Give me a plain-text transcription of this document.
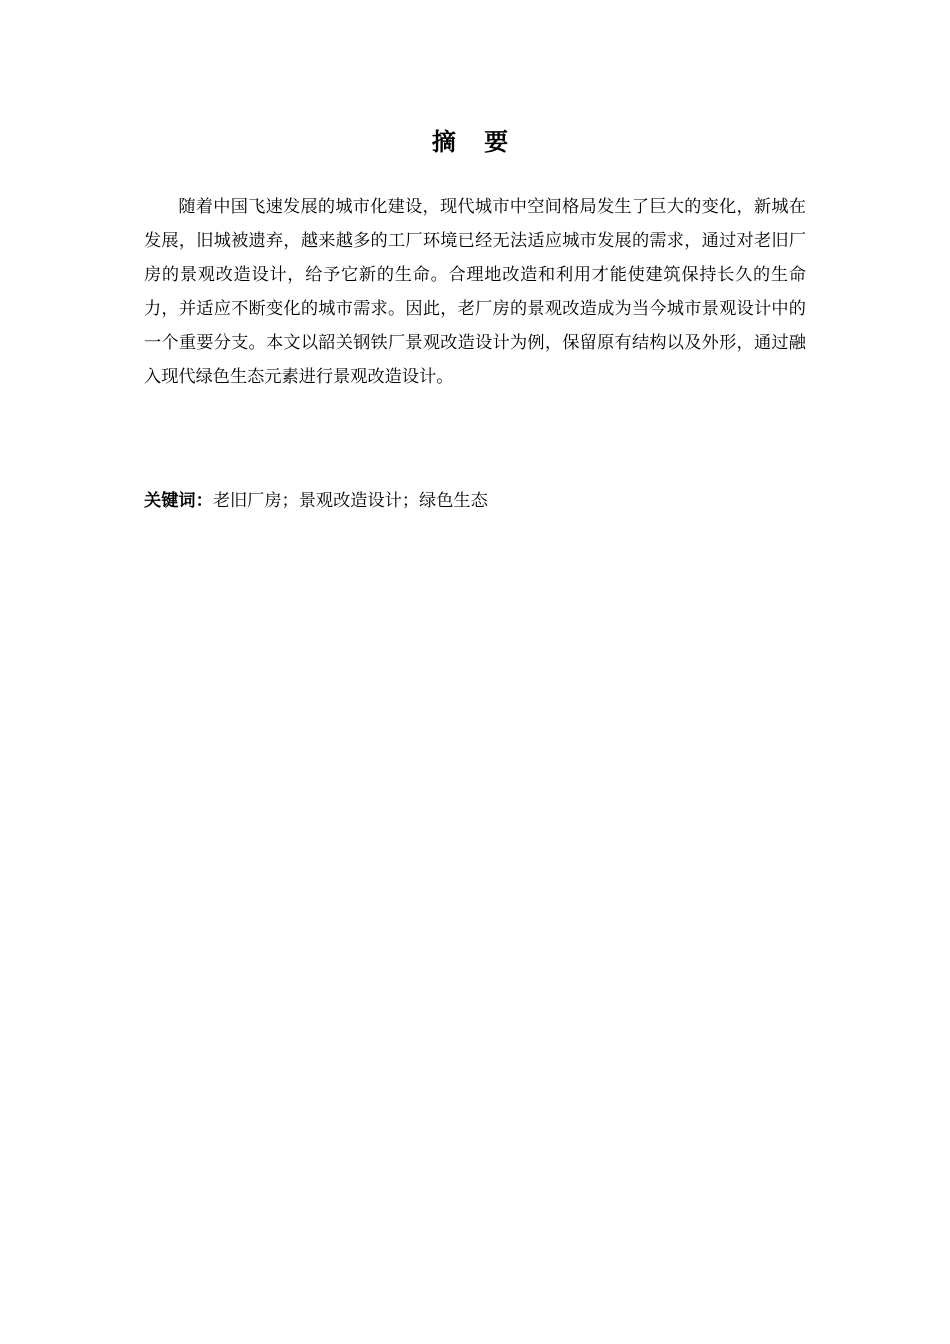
摘 要

随着中国飞速发展的城市化建设，现代城市中空间格局发生了巨大的变化，新城在发展，旧城被遗弃，越来越多的工厂环境已经无法适应城市发展的需求，通过对老旧厂房的景观改造设计，给予它新的生命。合理地改造和利用才能使建筑保持长久的生命力，并适应不断变化的城市需求。因此，老厂房的景观改造成为当今城市景观设计中的一个重要分支。本文以韶关钢铁厂景观改造设计为例，保留原有结构以及外形，通过融入现代绿色生态元素进行景观改造设计。

关键词：老旧厂房；景观改造设计；绿色生态
